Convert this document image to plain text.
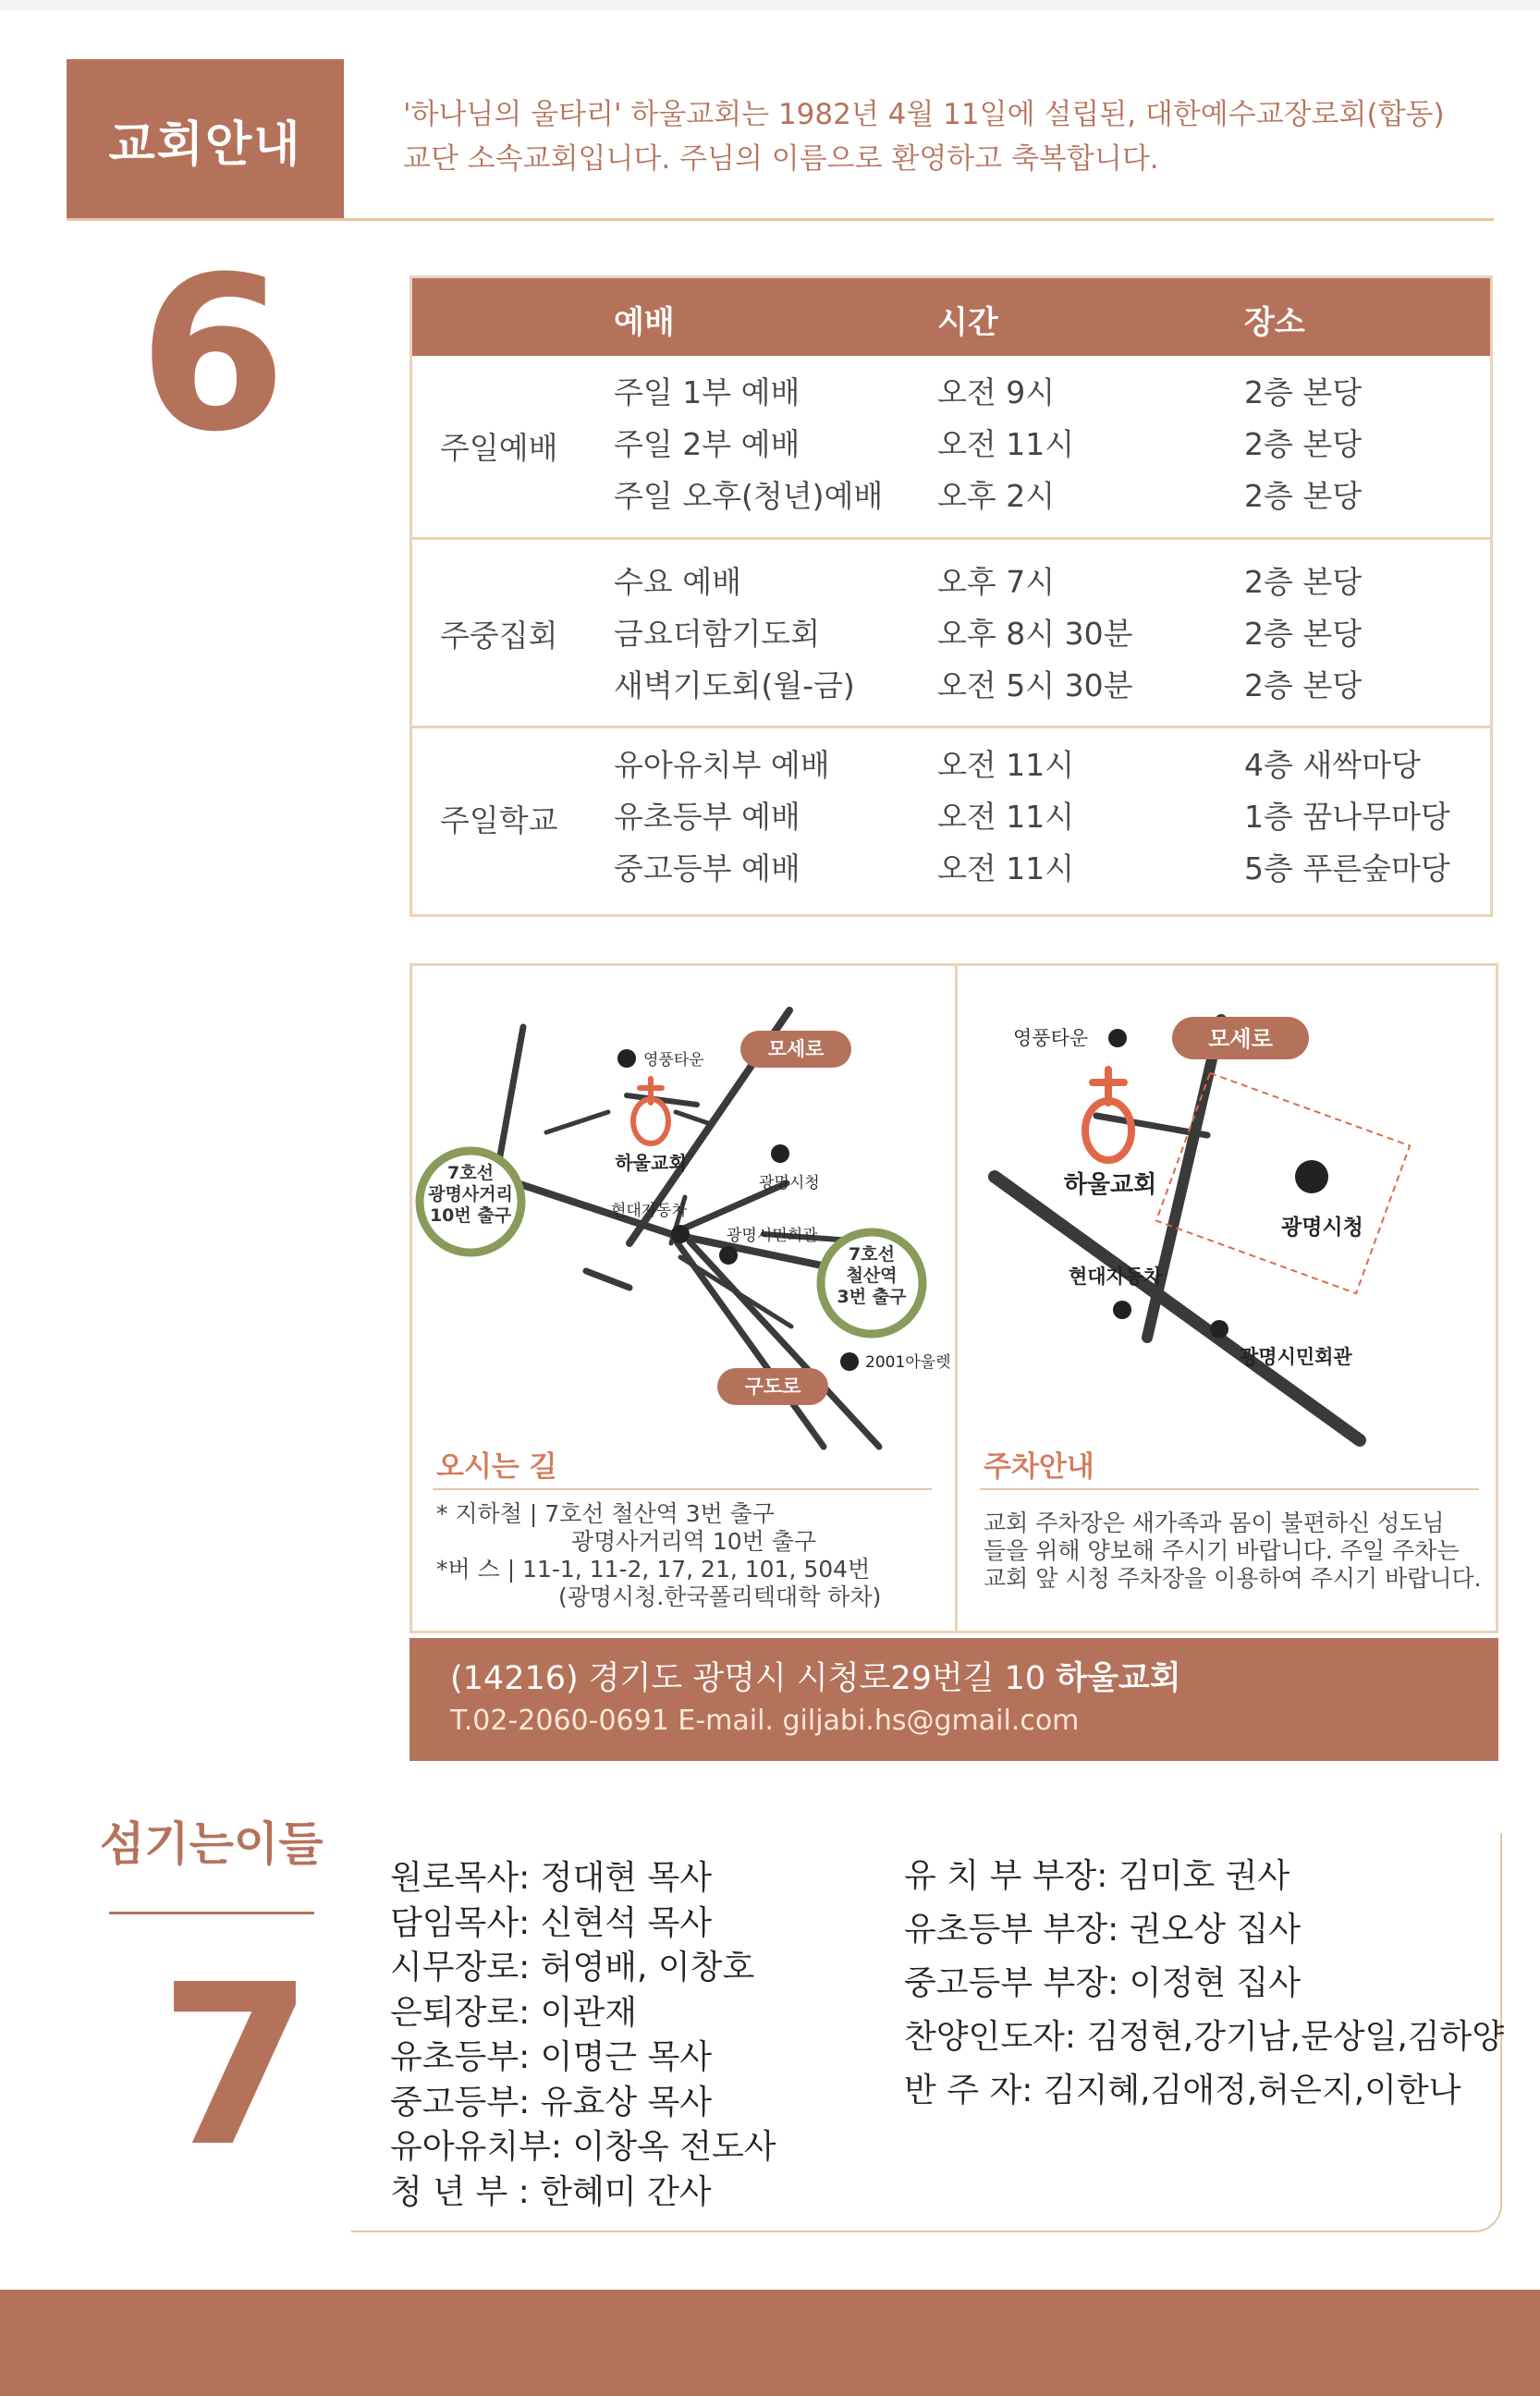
교회안내

'하나님의 울타리' 하울교회는 1982년 4월 11일에 설립된, 대한예수교장로회(합동)

교단 소속교회입니다. 주님의 이름으로 환영하고 축복합니다.

6	예배	시간	장소
주일예배
주일 1부 예배	오전 9시	2층 본당
주일 2부 예배	오전 11시	2층 본당
주일 오후(청년)예배 오후 2시	2층 본당
주중집회
수요 예배	오후 7시	2층 본당
금요더함기도회	오후 8시 30분	2층 본당
새벽기도회(월-금)	오전 5시 30분	2층 본당
주일학교
유아유치부 예배	오전 11시	4층 새싹마당
유초등부 예배	오전 11시	1층 꿈나무마당
중고등부 예배	오전 11시	5층 푸른숲마당
7호선
광명사거리
10번 출구
7호선
철산역
3번 출구
모세로
구도로
영풍타운
광명시청
현대자동차
광명시민회관
2001아울렛
하울교회
오시는 길

* 지하철 | 7호선 철산역 3번 출구

광명사거리역 10번 출구

*버 스 | 11-1, 11-2, 17, 21, 101, 504번

(광명시청.한국폴리텍대학 하차)

모세로
영풍타운
광명시청
현대자동차
광명시민회관
하울교회
주차안내

교회 주차장은 새가족과 몸이 불편하신 성도님

들을 위해 양보해 주시기 바랍니다. 주일 주차는

교회 앞 시청 주차장을 이용하여 주시기 바랍니다.

(14216) 경기도 광명시 시청로29번길 10 하울교회
T.02-2060-0691 E-mail. giljabi.hs@gmail.com
섬기는이들
7
원로목사: 정대현 목사
담임목사: 신현석 목사
시무장로: 허영배, 이창호
은퇴장로: 이관재
유초등부: 이명근 목사
중고등부: 유효상 목사
유아유치부: 이창옥 전도사
청 년 부 : 한혜미 간사
유 치 부 부장: 김미호 권사
유초등부 부장: 권오상 집사
중고등부 부장: 이정현 집사
찬양인도자: 김정현,강기남,문상일,김하양
반 주 자: 김지혜,김애정,허은지,이한나
